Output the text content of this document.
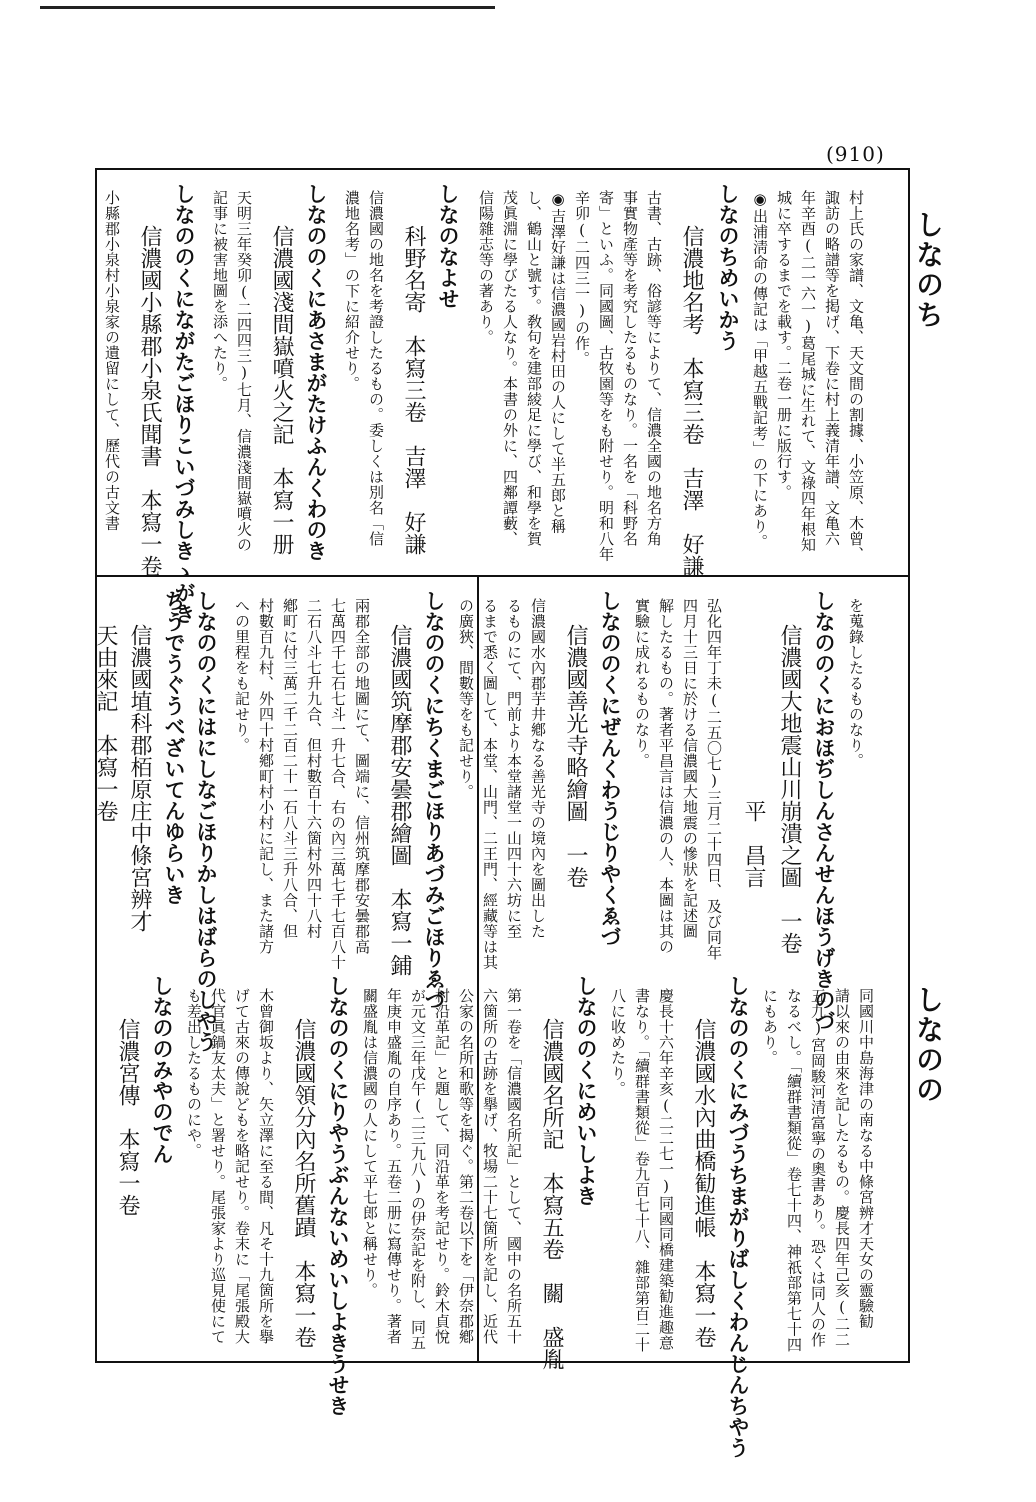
(910)
しなのち
しなのの
村上氏の家譜、文亀、天文間の割據、小笠原、木曾、
諏訪の略譜等を掲げ、下卷に村上義清年譜、文亀六
年辛酉(二一六一)葛尾城に生れて、文祿四年根知
城に卒するまでを載す。二卷一册に版行す。
◉出浦淸命の傳記は「甲越五戰記考」の下にあり。
しなのちめいかう
信濃地名考　本寫三卷　吉澤　好謙
古書、古跡、俗諺等によりて、信濃全國の地名方角
事實物產等を考究したるものなり。一名を「科野名
寄」といふ。同國圖、古牧園等をも附せり。明和八年
辛卯(二四三一)の作。
◉吉澤好謙は信濃國岩村田の人にして半五郎と稱
し、鶴山と號す。敎句を建部綾足に學び、和學を賀
茂眞淵に學びたる人なり。本書の外に、四鄰譚藪、
信陽雜志等の著あり。
しなのなよせ
科野名寄　本寫三卷　吉澤　好謙
信濃國の地名を考證したるもの。委しくは別名「信
濃地名考」の下に紹介せり。
しなののくにあさまがたけふんくわのき
信濃國淺間嶽噴火之記　本寫一册
天明三年癸卯(二四四三)七月、信濃淺間嶽噴火の
記事に被害地圖を添へたり。
しなののくにながたごほりこいづみしきゝがき
信濃國小縣郡小泉氏聞書　本寫一卷
小縣郡小泉村小泉家の遺留にして、歷代の古文書
を蒐錄したるものなり。
しなののくにおほぢしんさんせんほうげきのづ
信濃國大地震山川崩潰之圖　一卷
平　昌言
弘化四年丁未(二五〇七)三月二十四日、及び同年
四月十三日に於ける信濃國大地震の慘狀を記述圖
解したるもの。著者平昌言は信濃の人、本圖は其の
實驗に成れるものなり。
しなののくにぜんくわうじりやくゑづ
信濃國善光寺略繪圖　一卷
信濃國水內郡芋井鄕なる善光寺の境內を圖出した
るものにて、門前より本堂諸堂一山四十六坊に至
るまで悉く圖して、本堂、山門、二王門、經藏等は其
の廣狹、間數等をも記せり。
しなののくにちくまごほりあづみごほりゑづ
信濃國筑摩郡安曇郡繪圖　本寫一鋪
兩郡全部の地圖にて、圖端に、信州筑摩郡安曇郡高
七萬四千七石七斗一升七合、右の內三萬七千七百八十
二石八斗七升九合、但村數百十六箇村外四十八村
鄕町に付三萬二千二百二十一石八斗三升八合、但
村數百九村、外四十村鄕町村小村に記し、また諸方
への里程をも記せり。
しなののくにはにしなごほりかしはばらのしやう
ちうでうぐうべざいてんゆらいき
信濃國埴科郡栢原庄中條宮辨才
天由來記　本寫一卷
同國川中島海津の南なる中條宮辨才天女の靈驗勧
請以來の由來を記したるもの。慶長四年己亥(二二
五九)宮岡駿河清富寧の奧書あり。恐くは同人の作
なるべし。「續群書類從」卷七十四、神祇部第七十四
にもあり。
しなののくにみづうちまがりばしくわんじんちやう
信濃國水內曲橋勧進帳　本寫一卷
慶長十六年辛亥(二二七一)同國同橋建築勧進趣意
書なり。「續群書類從」卷九百七十八、雜部第百二十
八に收めたり。
しなののくにめいしよき
信濃國名所記　本寫五卷　關　盛胤
第一卷を「信濃國名所記」として、國中の名所五十
六箇所の古跡を擧げ、牧場二十七箇所を記し、近代
公家の名所和歌等を揭ぐ。第二卷以下を「伊奈郡鄕
村沿革記」と題して、同沿革を考記せり。鈴木貞悅
が元文三年戊午(二三九八)の伊奈記を附し、同五
年庚申盛胤の自序あり。五卷二册に寫傳せり。著者
關盛胤は信濃國の人にして平七郎と稱せり。
しなののくにりやうぶんないめいしよきうせき
信濃國領分內名所舊蹟　本寫一卷
木曾御坂より、矢立澤に至る間、凡そ十九箇所を擧
げて古來の傳說どもを略記せり。卷末に「尾張殿大
代官眞鍋友太夫」と署せり。尾張家より巡見使にて
も差出したるものにや。
しなののみやのでん
信濃宮傳　本寫一卷
